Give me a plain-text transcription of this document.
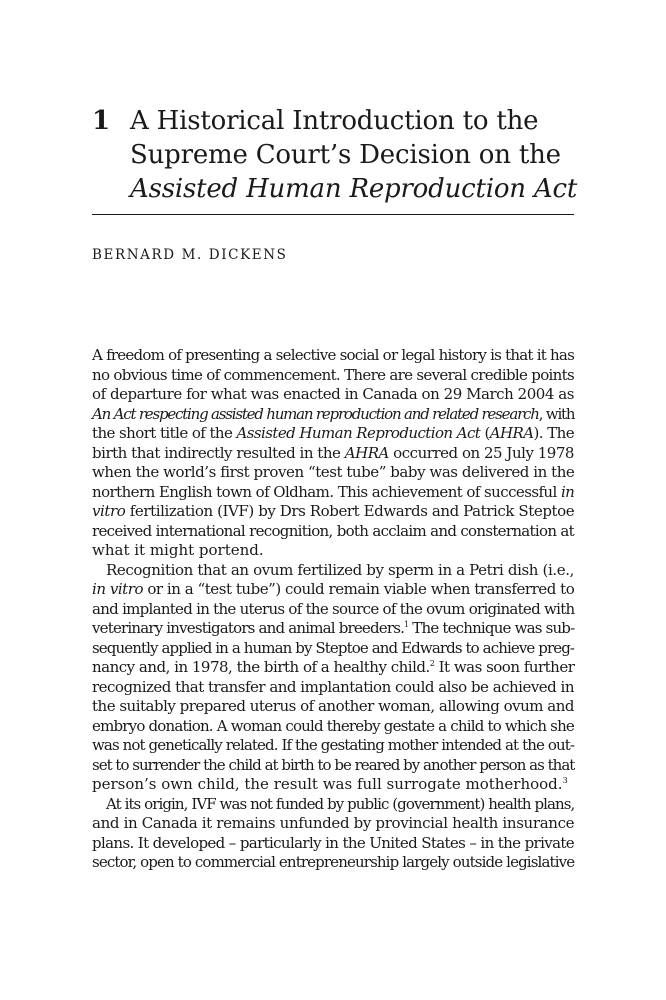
1 A Historical Introduction to the
Supreme Court’s Decision on the
Assisted Human Reproduction Act
BERNARD M. DICKENS
A freedom of presenting a selective social or legal history is that it has
no obvious time of commencement. There are several credible points
of departure for what was enacted in Canada on 29 March 2004 as
An Act respecting assisted human reproduction and related research, with
the short title of the Assisted Human Reproduction Act (AHRA). The
birth that indirectly resulted in the AHRA occurred on 25 July 1978
when the world’s first proven “test tube” baby was delivered in the
northern English town of Oldham. This achievement of successful in
vitro fertilization (IVF) by Drs Robert Edwards and Patrick Steptoe
received international recognition, both acclaim and consternation at
what it might portend.
Recognition that an ovum fertilized by sperm in a Petri dish (i.e.,
in vitro or in a “test tube”) could remain viable when transferred to
and implanted in the uterus of the source of the ovum originated with
veterinary investigators and animal breeders.$^1$ The technique was sub-
sequently applied in a human by Steptoe and Edwards to achieve preg-
nancy and, in 1978, the birth of a healthy child.$^2$ It was soon further
recognized that transfer and implantation could also be achieved in
the suitably prepared uterus of another woman, allowing ovum and
embryo donation. A woman could thereby gestate a child to which she
was not genetically related. If the gestating mother intended at the out-
set to surrender the child at birth to be reared by another person as that
person’s own child, the result was full surrogate motherhood.$^3$
At its origin, IVF was not funded by public (government) health plans,
and in Canada it remains unfunded by provincial health insurance
plans. It developed – particularly in the United States – in the private
sector, open to commercial entrepreneurship largely outside legislative
